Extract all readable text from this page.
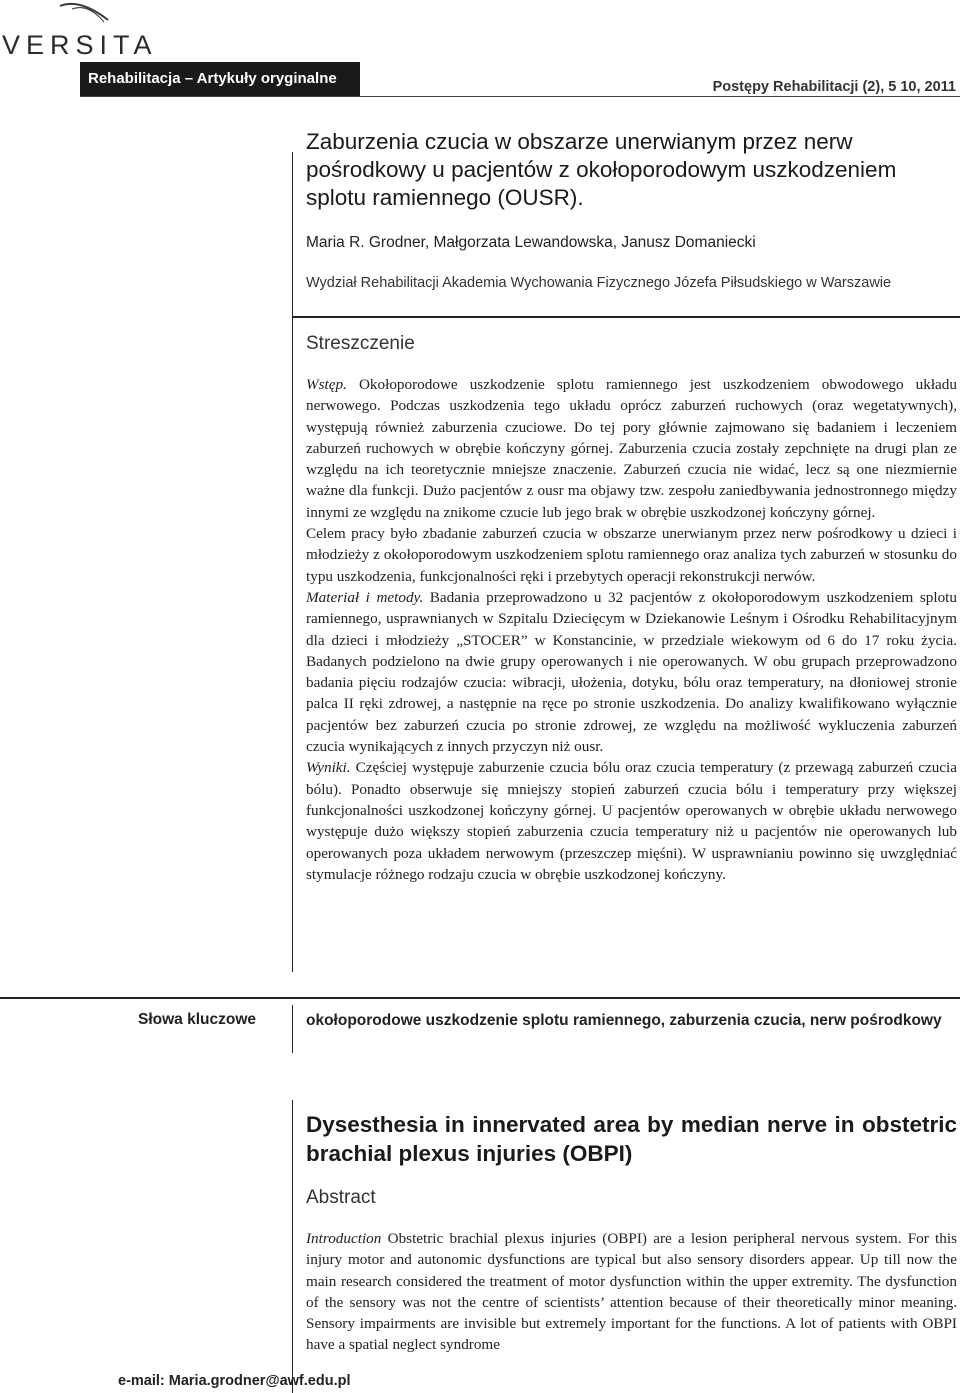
VERSITA
Rehabilitacja – Artykuły oryginalne	Postępy Rehabilitacji (2), 5 10, 2011
Zaburzenia czucia w obszarze unerwianym przez nerw pośrodkowy u pacjentów z okołoporodowym uszkodzeniem splotu ramiennego (OUSR).
Maria R. Grodner, Małgorzata Lewandowska, Janusz Domaniecki
Wydział Rehabilitacji Akademia Wychowania Fizycznego Józefa Piłsudskiego w Warszawie
Streszczenie

Wstęp. Okołoporodowe uszkodzenie splotu ramiennego jest uszkodzeniem obwodowego układu nerwowego. Podczas uszkodzenia tego układu oprócz zaburzeń ruchowych (oraz wegetatywnych), występują również zaburzenia czuciowe. Do tej pory głównie zajmowano się badaniem i leczeniem zaburzeń ruchowych w obrębie kończyny górnej. Zaburzenia czucia zostały zepchnięte na drugi plan ze względu na ich teoretycznie mniejsze znaczenie. Zaburzeń czucia nie widać, lecz są one niezmiernie ważne dla funkcji. Dużo pacjentów z ousr ma objawy tzw. zespołu zaniedbywania jednostronnego między innymi ze względu na znikome czucie lub jego brak w obrębie uszkodzonej kończyny górnej.

Celem pracy było zbadanie zaburzeń czucia w obszarze unerwianym przez nerw pośrodkowy u dzieci i młodzieży z okołoporodowym uszkodzeniem splotu ramiennego oraz analiza tych zaburzeń w stosunku do typu uszkodzenia, funkcjonalności ręki i przebytych operacji rekonstrukcji nerwów.

Materiał i metody. Badania przeprowadzono u 32 pacjentów z okołoporodowym uszkodzeniem splotu ramiennego, usprawnianych w Szpitalu Dziecięcym w Dziekanowie Leśnym i Ośrodku Rehabilitacyjnym dla dzieci i młodzieży „STOCER” w Konstancinie, w przedziale wiekowym od 6 do 17 roku życia. Badanych podzielono na dwie grupy operowanych i nie operowanych. W obu grupach przeprowadzono badania pięciu rodzajów czucia: wibracji, ułożenia, dotyku, bólu oraz temperatury, na dłoniowej stronie palca II ręki zdrowej, a następnie na ręce po stronie uszkodzenia. Do analizy kwalifikowano wyłącznie pacjentów bez zaburzeń czucia po stronie zdrowej, ze względu na możliwość wykluczenia zaburzeń czucia wynikających z innych przyczyn niż ousr.

Wyniki. Częściej występuje zaburzenie czucia bólu oraz czucia temperatury (z przewagą zaburzeń czucia bólu). Ponadto obserwuje się mniejszy stopień zaburzeń czucia bólu i temperatury przy większej funkcjonalności uszkodzonej kończyny górnej. U pacjentów operowanych w obrębie układu nerwowego występuje dużo większy stopień zaburzenia czucia temperatury niż u pacjentów nie operowanych lub operowanych poza układem nerwowym (przeszczep mięśni). W usprawnianiu powinno się uwzględniać stymulacje różnego rodzaju czucia w obrębie uszkodzonej kończyny.

Słowa kluczowe	okołoporodowe uszkodzenie splotu ramiennego, zaburzenia czucia, nerw pośrodkowy
Dysesthesia in innervated area by median nerve in obstetric brachial plexus injuries (OBPI)
Abstract

Introduction Obstetric brachial plexus injuries (OBPI) are a lesion peripheral nervous system. For this injury motor and autonomic dysfunctions are typical but also sensory disorders appear. Up till now the main research considered the treatment of motor dysfunction within the upper extremity. The dysfunction of the sensory was not the centre of scientists’ attention because of their theoretically minor meaning. Sensory impairments are invisible but extremely important for the functions. A lot of patients with OBPI have a spatial neglect syndrome

e-mail: Maria.grodner@awf.edu.pl
